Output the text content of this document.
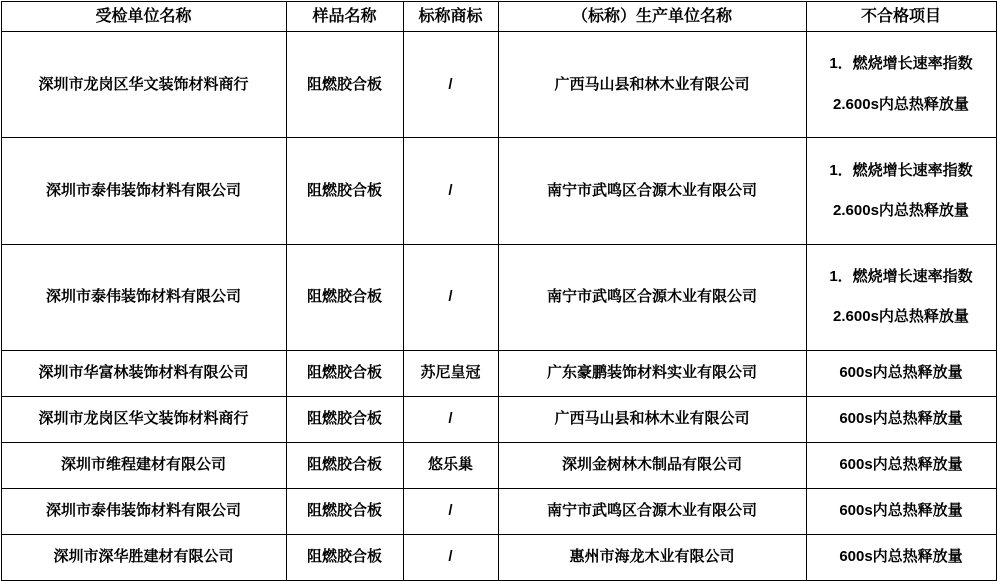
受检单位名称	样品名称	标称商标	（标称）生产单位名称	不合格项目
深圳市龙岗区华文装饰材料商行	阻燃胶合板	/	广西马山县和林木业有限公司	1．燃烧增长速率指数

2.600s内总热释放量

深圳市泰伟装饰材料有限公司	阻燃胶合板	/	南宁市武鸣区合源木业有限公司	1．燃烧增长速率指数

2.600s内总热释放量

深圳市泰伟装饰材料有限公司	阻燃胶合板	/	南宁市武鸣区合源木业有限公司	1．燃烧增长速率指数

2.600s内总热释放量

深圳市华富林装饰材料有限公司	阻燃胶合板	苏尼皇冠	广东豪鹏装饰材料实业有限公司	600s内总热释放量
深圳市龙岗区华文装饰材料商行	阻燃胶合板	/	广西马山县和林木业有限公司	600s内总热释放量
深圳市维程建材有限公司	阻燃胶合板	悠乐巢	深圳金树林木制品有限公司	600s内总热释放量
深圳市泰伟装饰材料有限公司	阻燃胶合板	/	南宁市武鸣区合源木业有限公司	600s内总热释放量
深圳市深华胜建材有限公司	阻燃胶合板	/	惠州市海龙木业有限公司	600s内总热释放量
